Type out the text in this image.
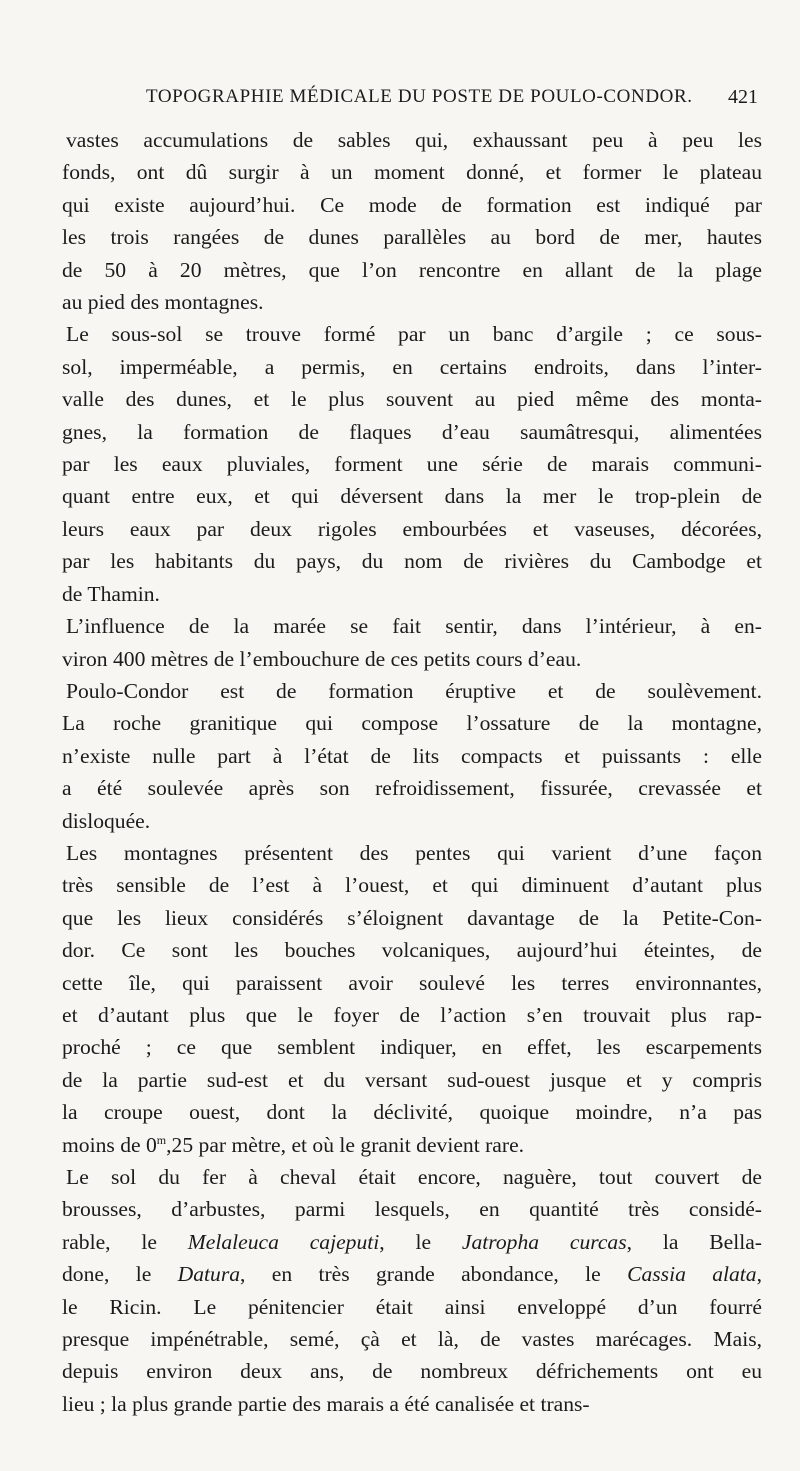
TOPOGRAPHIE MÉDICALE DU POSTE DE POULO-CONDOR. 421

vastes accumulations de sables qui, exhaussant peu à peu les
fonds, ont dû surgir à un moment donné, et former le plateau
qui existe aujourd’hui. Ce mode de formation est indiqué par
les trois rangées de dunes parallèles au bord de mer, hautes
de 50 à 20 mètres, que l’on rencontre en allant de la plage
au pied des montagnes.

Le sous-sol se trouve formé par un banc d’argile ; ce sous-
sol, imperméable, a permis, en certains endroits, dans l’inter-
valle des dunes, et le plus souvent au pied même des monta-
gnes, la formation de flaques d’eau saumâtresqui, alimentées
par les eaux pluviales, forment une série de marais communi-
quant entre eux, et qui déversent dans la mer le trop-plein de
leurs eaux par deux rigoles embourbées et vaseuses, décorées,
par les habitants du pays, du nom de rivières du Cambodge et
de Thamin.

L’influence de la marée se fait sentir, dans l’intérieur, à en-
viron 400 mètres de l’embouchure de ces petits cours d’eau.

Poulo-Condor est de formation éruptive et de soulèvement.
La roche granitique qui compose l’ossature de la montagne,
n’existe nulle part à l’état de lits compacts et puissants : elle
a été soulevée après son refroidissement, fissurée, crevassée et
disloquée.

Les montagnes présentent des pentes qui varient d’une façon
très sensible de l’est à l’ouest, et qui diminuent d’autant plus
que les lieux considérés s’éloignent davantage de la Petite-Con-
dor. Ce sont les bouches volcaniques, aujourd’hui éteintes, de
cette île, qui paraissent avoir soulevé les terres environnantes,
et d’autant plus que le foyer de l’action s’en trouvait plus rap-
proché ; ce que semblent indiquer, en effet, les escarpements
de la partie sud-est et du versant sud-ouest jusque et y compris
la croupe ouest, dont la déclivité, quoique moindre, n’a pas
moins de 0$^m$,25 par mètre, et où le granit devient rare.

Le sol du fer à cheval était encore, naguère, tout couvert de
brousses, d’arbustes, parmi lesquels, en quantité très considé-
rable, le Melaleuca cajeputi, le Jatropha curcas, la Bella-
done, le Datura, en très grande abondance, le Cassia alata,
le Ricin. Le pénitencier était ainsi enveloppé d’un fourré
presque impénétrable, semé, çà et là, de vastes marécages. Mais,
depuis environ deux ans, de nombreux défrichements ont eu
lieu ; la plus grande partie des marais a été canalisée et trans-
